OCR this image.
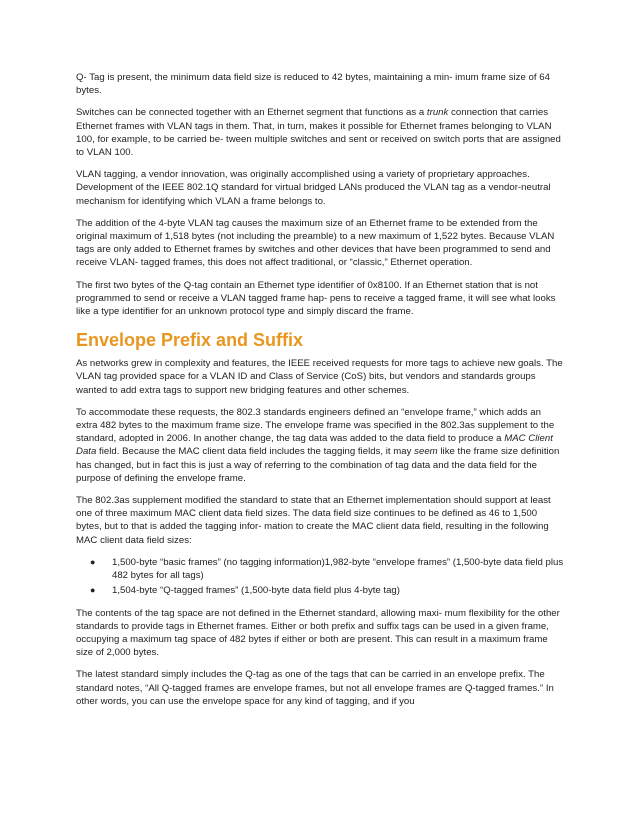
Q- Tag is present, the minimum data field size is reduced to 42 bytes, maintaining a min- imum frame size of 64 bytes.

Switches can be connected together with an Ethernet segment that functions as a trunk connection that carries Ethernet frames with VLAN tags in them. That, in turn, makes it possible for Ethernet frames belonging to VLAN 100, for example, to be carried be- tween multiple switches and sent or received on switch ports that are assigned to VLAN 100.

VLAN tagging, a vendor innovation, was originally accomplished using a variety of proprietary approaches. Development of the IEEE 802.1Q standard for virtual bridged LANs produced the VLAN tag as a vendor-neutral mechanism for identifying which VLAN a frame belongs to.

The addition of the 4-byte VLAN tag causes the maximum size of an Ethernet frame to be extended from the original maximum of 1,518 bytes (not including the preamble) to a new maximum of 1,522 bytes. Because VLAN tags are only added to Ethernet frames by switches and other devices that have been programmed to send and receive VLAN- tagged frames, this does not affect traditional, or “classic,” Ethernet operation.

The first two bytes of the Q-tag contain an Ethernet type identifier of 0x8100. If an Ethernet station that is not programmed to send or receive a VLAN tagged frame hap- pens to receive a tagged frame, it will see what looks like a type identifier for an unknown protocol type and simply discard the frame.

Envelope Prefix and Suffix

As networks grew in complexity and features, the IEEE received requests for more tags to achieve new goals. The VLAN tag provided space for a VLAN ID and Class of Service (CoS) bits, but vendors and standards groups wanted to add extra tags to support new bridging features and other schemes.

To accommodate these requests, the 802.3 standards engineers defined an “envelope frame,” which adds an extra 482 bytes to the maximum frame size. The envelope frame was specified in the 802.3as supplement to the standard, adopted in 2006. In another change, the tag data was added to the data field to produce a MAC Client Data field. Because the MAC client data field includes the tagging fields, it may seem like the frame size definition has changed, but in fact this is just a way of referring to the combination of tag data and the data field for the purpose of defining the envelope frame.

The 802.3as supplement modified the standard to state that an Ethernet implementation should support at least one of three maximum MAC client data field sizes. The data field size continues to be defined as 46 to 1,500 bytes, but to that is added the tagging infor- mation to create the MAC client data field, resulting in the following MAC client data field sizes:

● 1,500-byte “basic frames” (no tagging information)1,982-byte “envelope frames” (1,500-byte data field plus 482 bytes for all tags)
● 1,504-byte “Q-tagged frames” (1,500-byte data field plus 4-byte tag)

The contents of the tag space are not defined in the Ethernet standard, allowing maxi- mum flexibility for the other standards to provide tags in Ethernet frames. Either or both prefix and suffix tags can be used in a given frame, occupying a maximum tag space of 482 bytes if either or both are present. This can result in a maximum frame size of 2,000 bytes.

The latest standard simply includes the Q-tag as one of the tags that can be carried in an envelope prefix. The standard notes, “All Q-tagged frames are envelope frames, but not all envelope frames are Q-tagged frames.” In other words, you can use the envelope space for any kind of tagging, and if you
